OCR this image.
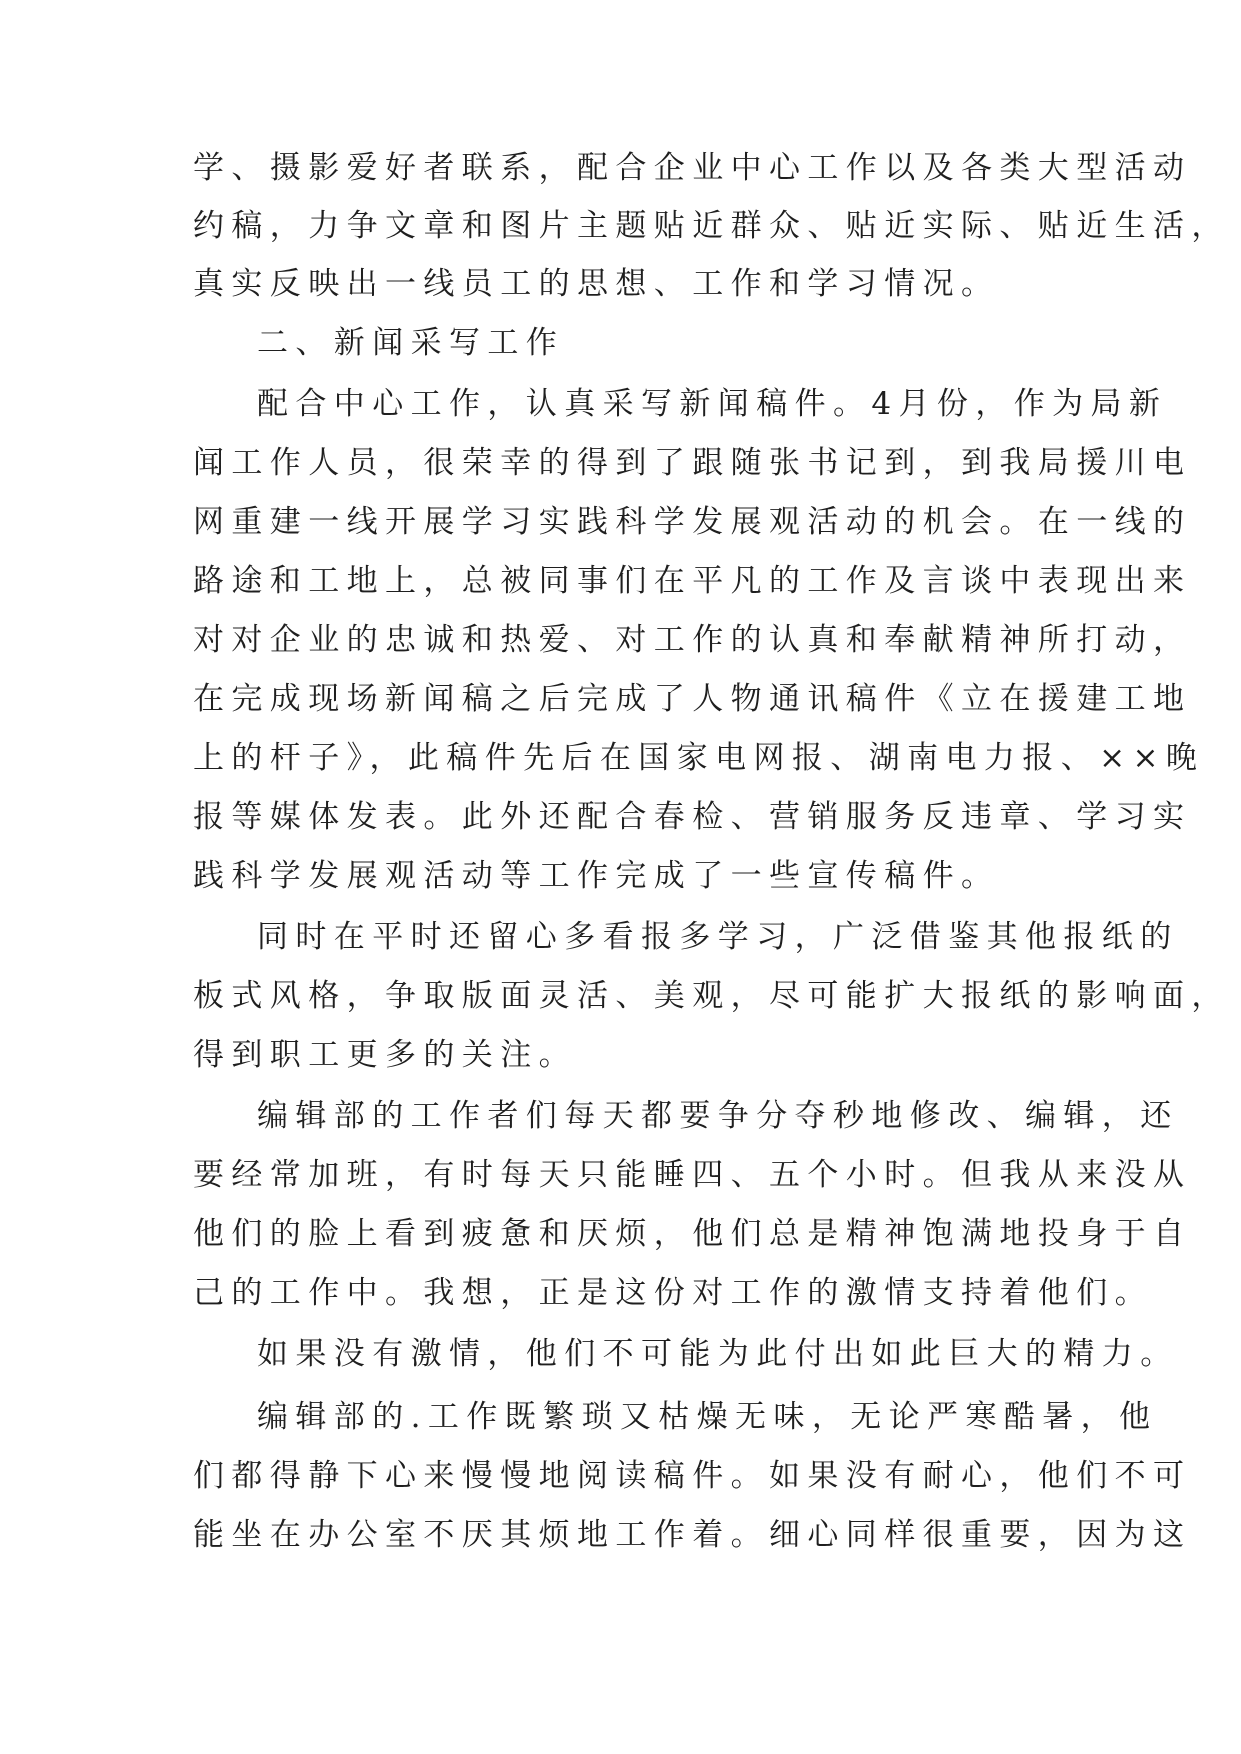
学、摄影爱好者联系，配合企业中心工作以及各类大型活动
约稿，力争文章和图片主题贴近群众、贴近实际、贴近生活，
真实反映出一线员工的思想、工作和学习情况。
二、新闻采写工作
配合中心工作，认真采写新闻稿件。4月份，作为局新
闻工作人员，很荣幸的得到了跟随张书记到，到我局援川电
网重建一线开展学习实践科学发展观活动的机会。在一线的
路途和工地上，总被同事们在平凡的工作及言谈中表现出来
对对企业的忠诚和热爱、对工作的认真和奉献精神所打动，
在完成现场新闻稿之后完成了人物通讯稿件《立在援建工地
上的杆子》，此稿件先后在国家电网报、湖南电力报、××晚
报等媒体发表。此外还配合春检、营销服务反违章、学习实
践科学发展观活动等工作完成了一些宣传稿件。
同时在平时还留心多看报多学习，广泛借鉴其他报纸的
板式风格，争取版面灵活、美观，尽可能扩大报纸的影响面，
得到职工更多的关注。
编辑部的工作者们每天都要争分夺秒地修改、编辑，还
要经常加班，有时每天只能睡四、五个小时。但我从来没从
他们的脸上看到疲惫和厌烦，他们总是精神饱满地投身于自
己的工作中。我想，正是这份对工作的激情支持着他们。
如果没有激情，他们不可能为此付出如此巨大的精力。
编辑部的.工作既繁琐又枯燥无味，无论严寒酷暑，他
们都得静下心来慢慢地阅读稿件。如果没有耐心，他们不可
能坐在办公室不厌其烦地工作着。细心同样很重要，因为这
